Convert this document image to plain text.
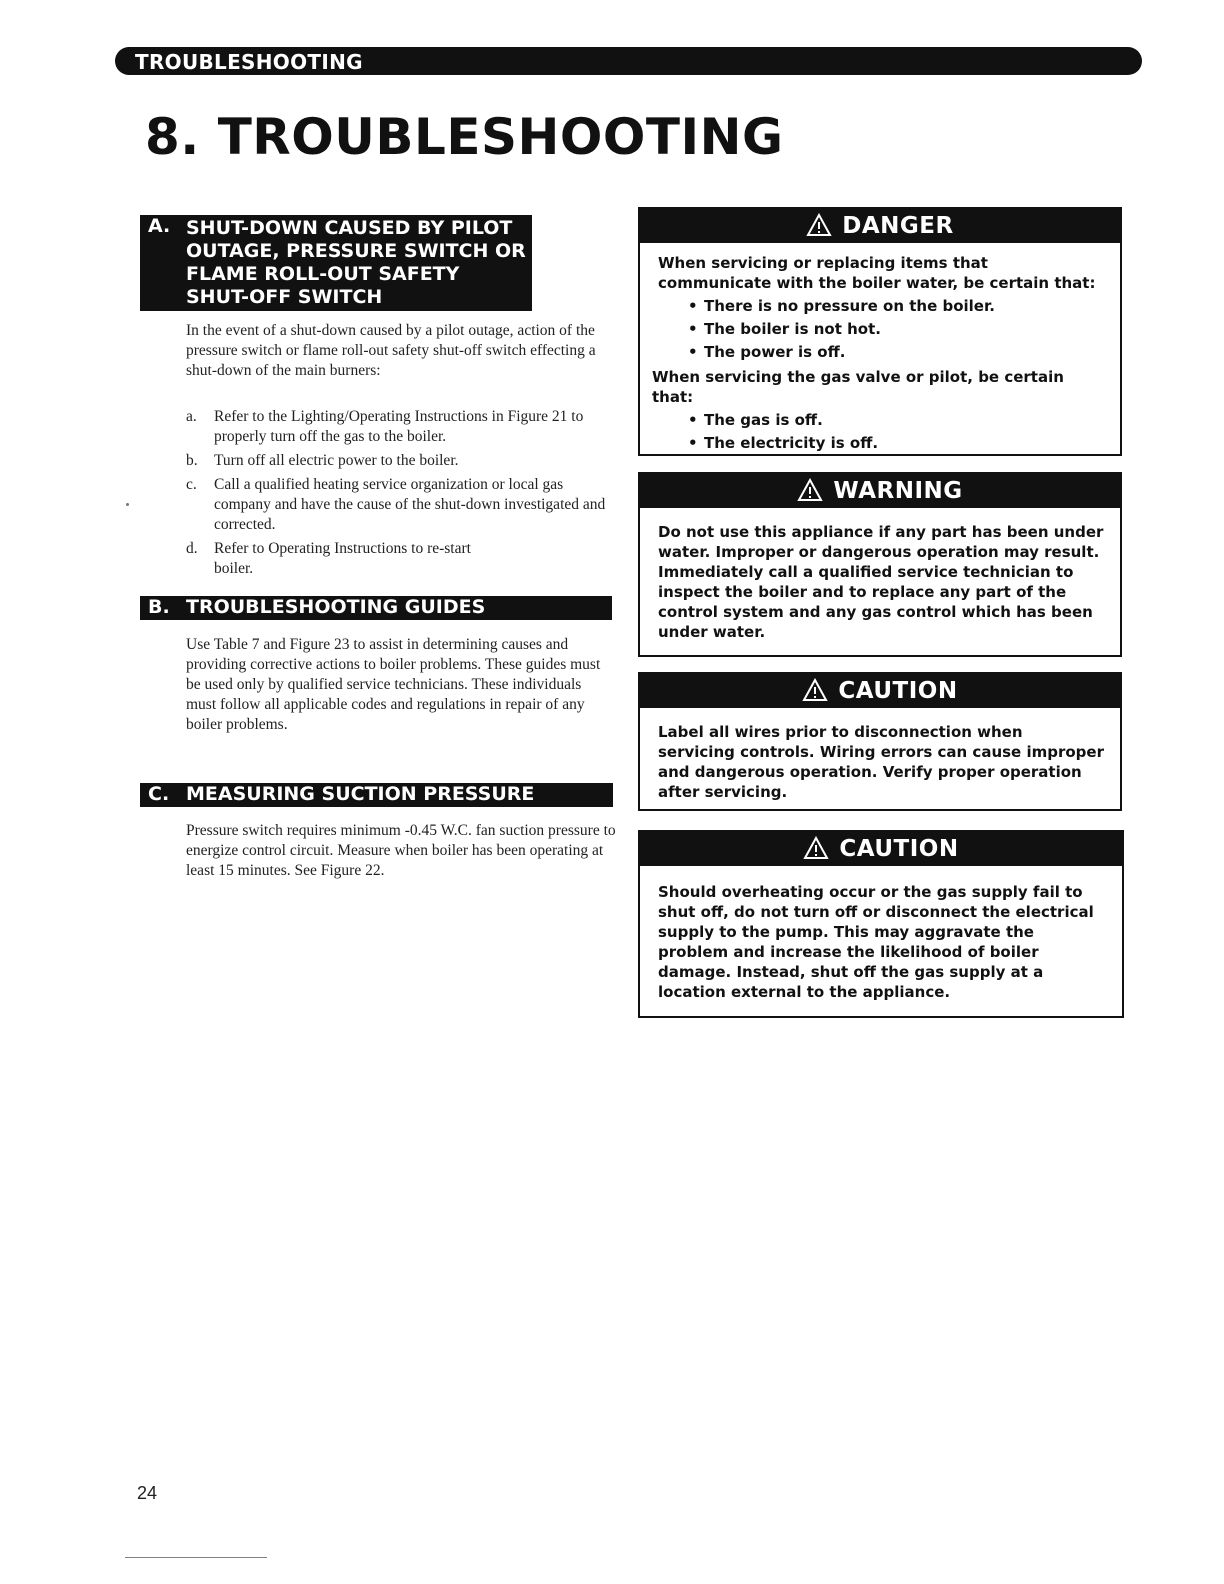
TROUBLESHOOTING
8. TROUBLESHOOTING
A. SHUT-DOWN CAUSED BY PILOT
OUTAGE, PRESSURE SWITCH OR
FLAME ROLL-OUT SAFETY
SHUT-OFF SWITCH

In the event of a shut-down caused by a pilot outage, action of the pressure switch or flame roll-out safety shut-off switch effecting a shut-down of the main burners:

a. Refer to the Lighting/Operating Instructions in Figure 21 to properly turn off the gas to the boiler.
b. Turn off all electric power to the boiler.
c. Call a qualified heating service organization or local gas company and have the cause of the shut-down investigated and corrected.
d. Refer to Operating Instructions to re-start boiler.
B. TROUBLESHOOTING GUIDES

Use Table 7 and Figure 23 to assist in determining causes and providing corrective actions to boiler problems. These guides must be used only by qualified service technicians. These individuals must follow all applicable codes and regulations in repair of any boiler problems.

C. MEASURING SUCTION PRESSURE

Pressure switch requires minimum -0.45 W.C. fan suction pressure to energize control circuit. Measure when boiler has been operating at least 15 minutes. See Figure 22.

DANGER

When servicing or replacing items that communicate with the boiler water, be certain that:

• There is no pressure on the boiler.
• The boiler is not hot.
• The power is off.

When servicing the gas valve or pilot, be certain that:

• The gas is off.
• The electricity is off.
WARNING

Do not use this appliance if any part has been under water. Improper or dangerous operation may result. Immediately call a qualified service technician to inspect the boiler and to replace any part of the control system and any gas control which has been under water.

CAUTION

Label all wires prior to disconnection when servicing controls. Wiring errors can cause improper and dangerous operation. Verify proper operation after servicing.

CAUTION

Should overheating occur or the gas supply fail to shut off, do not turn off or disconnect the electrical supply to the pump. This may aggravate the problem and increase the likelihood of boiler damage. Instead, shut off the gas supply at a location external to the appliance.

24
